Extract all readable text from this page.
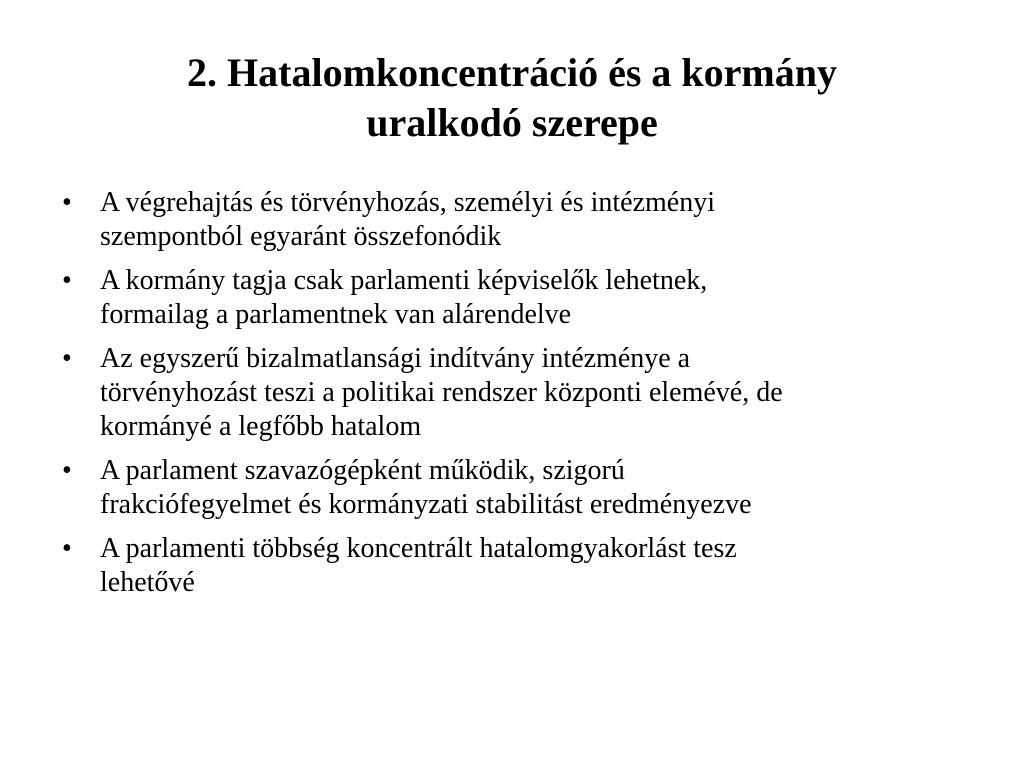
2. Hatalomkoncentráció és a kormány
uralkodó szerepe
•	A végrehajtás és törvényhozás, személyi és intézményi
szempontból egyaránt összefonódik
•	A kormány tagja csak parlamenti képviselők lehetnek,
formailag a parlamentnek van alárendelve
•	Az egyszerű bizalmatlansági indítvány intézménye a
törvényhozást teszi a politikai rendszer központi elemévé, de
kormányé a legfőbb hatalom
•	A parlament szavazógépként működik, szigorú
frakciófegyelmet és kormányzati stabilitást eredményezve
•	A parlamenti többség koncentrált hatalomgyakorlást tesz
lehetővé
